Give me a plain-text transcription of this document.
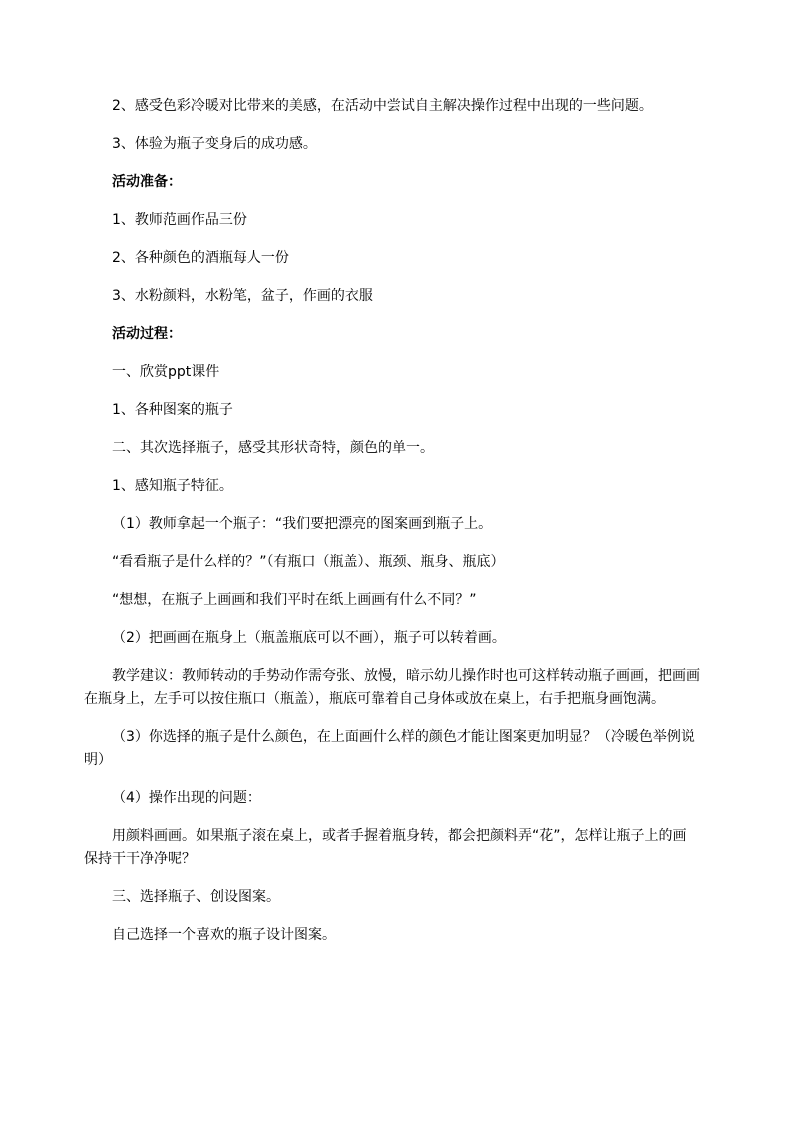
2、感受色彩冷暖对比带来的美感，在活动中尝试自主解决操作过程中出现的一些问题。

3、体验为瓶子变身后的成功感。

活动准备：

1、教师范画作品三份

2、各种颜色的酒瓶每人一份

3、水粉颜料，水粉笔，盆子，作画的衣服

活动过程：

一、欣赏ppt课件

1、各种图案的瓶子

二、其次选择瓶子，感受其形状奇特，颜色的单一。

1、感知瓶子特征。

（1）教师拿起一个瓶子：“我们要把漂亮的图案画到瓶子上。

“看看瓶子是什么样的？”（有瓶口（瓶盖）、瓶颈、瓶身、瓶底）

“想想，在瓶子上画画和我们平时在纸上画画有什么不同？”

（2）把画画在瓶身上（瓶盖瓶底可以不画），瓶子可以转着画。

教学建议：教师转动的手势动作需夸张、放慢，暗示幼儿操作时也可这样转动瓶子画画，把画画在瓶身上，左手可以按住瓶口（瓶盖），瓶底可靠着自己身体或放在桌上，右手把瓶身画饱满。

（3）你选择的瓶子是什么颜色，在上面画什么样的颜色才能让图案更加明显？（冷暖色举例说明）

（4）操作出现的问题：

用颜料画画。如果瓶子滚在桌上，或者手握着瓶身转，都会把颜料弄“花”，怎样让瓶子上的画保持干干净净呢？

三、选择瓶子、创设图案。

自己选择一个喜欢的瓶子设计图案。
